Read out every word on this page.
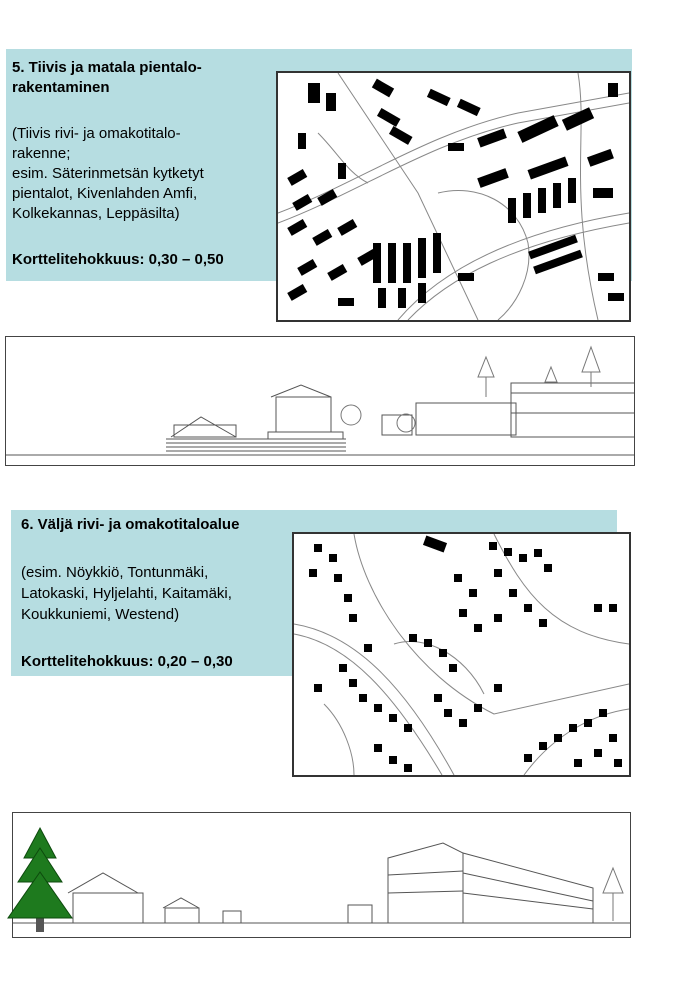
5. Tiivis ja matala pientalo-
rakentaminen
(Tiivis rivi- ja omakotitalo-
rakenne;
esim. Säterinmetsän kytketyt
pientalot, Kivenlahden Amfi,
Kolkekannas, Leppäsilta)
Korttelitehokkuus: 0,30 – 0,50
6. Väljä rivi- ja omakotitaloalue
(esim. Nöykkiö, Tontunmäki,
Latokaski, Hyljelahti, Kaitamäki,
Koukkuniemi, Westend)
Korttelitehokkuus: 0,20 – 0,30
